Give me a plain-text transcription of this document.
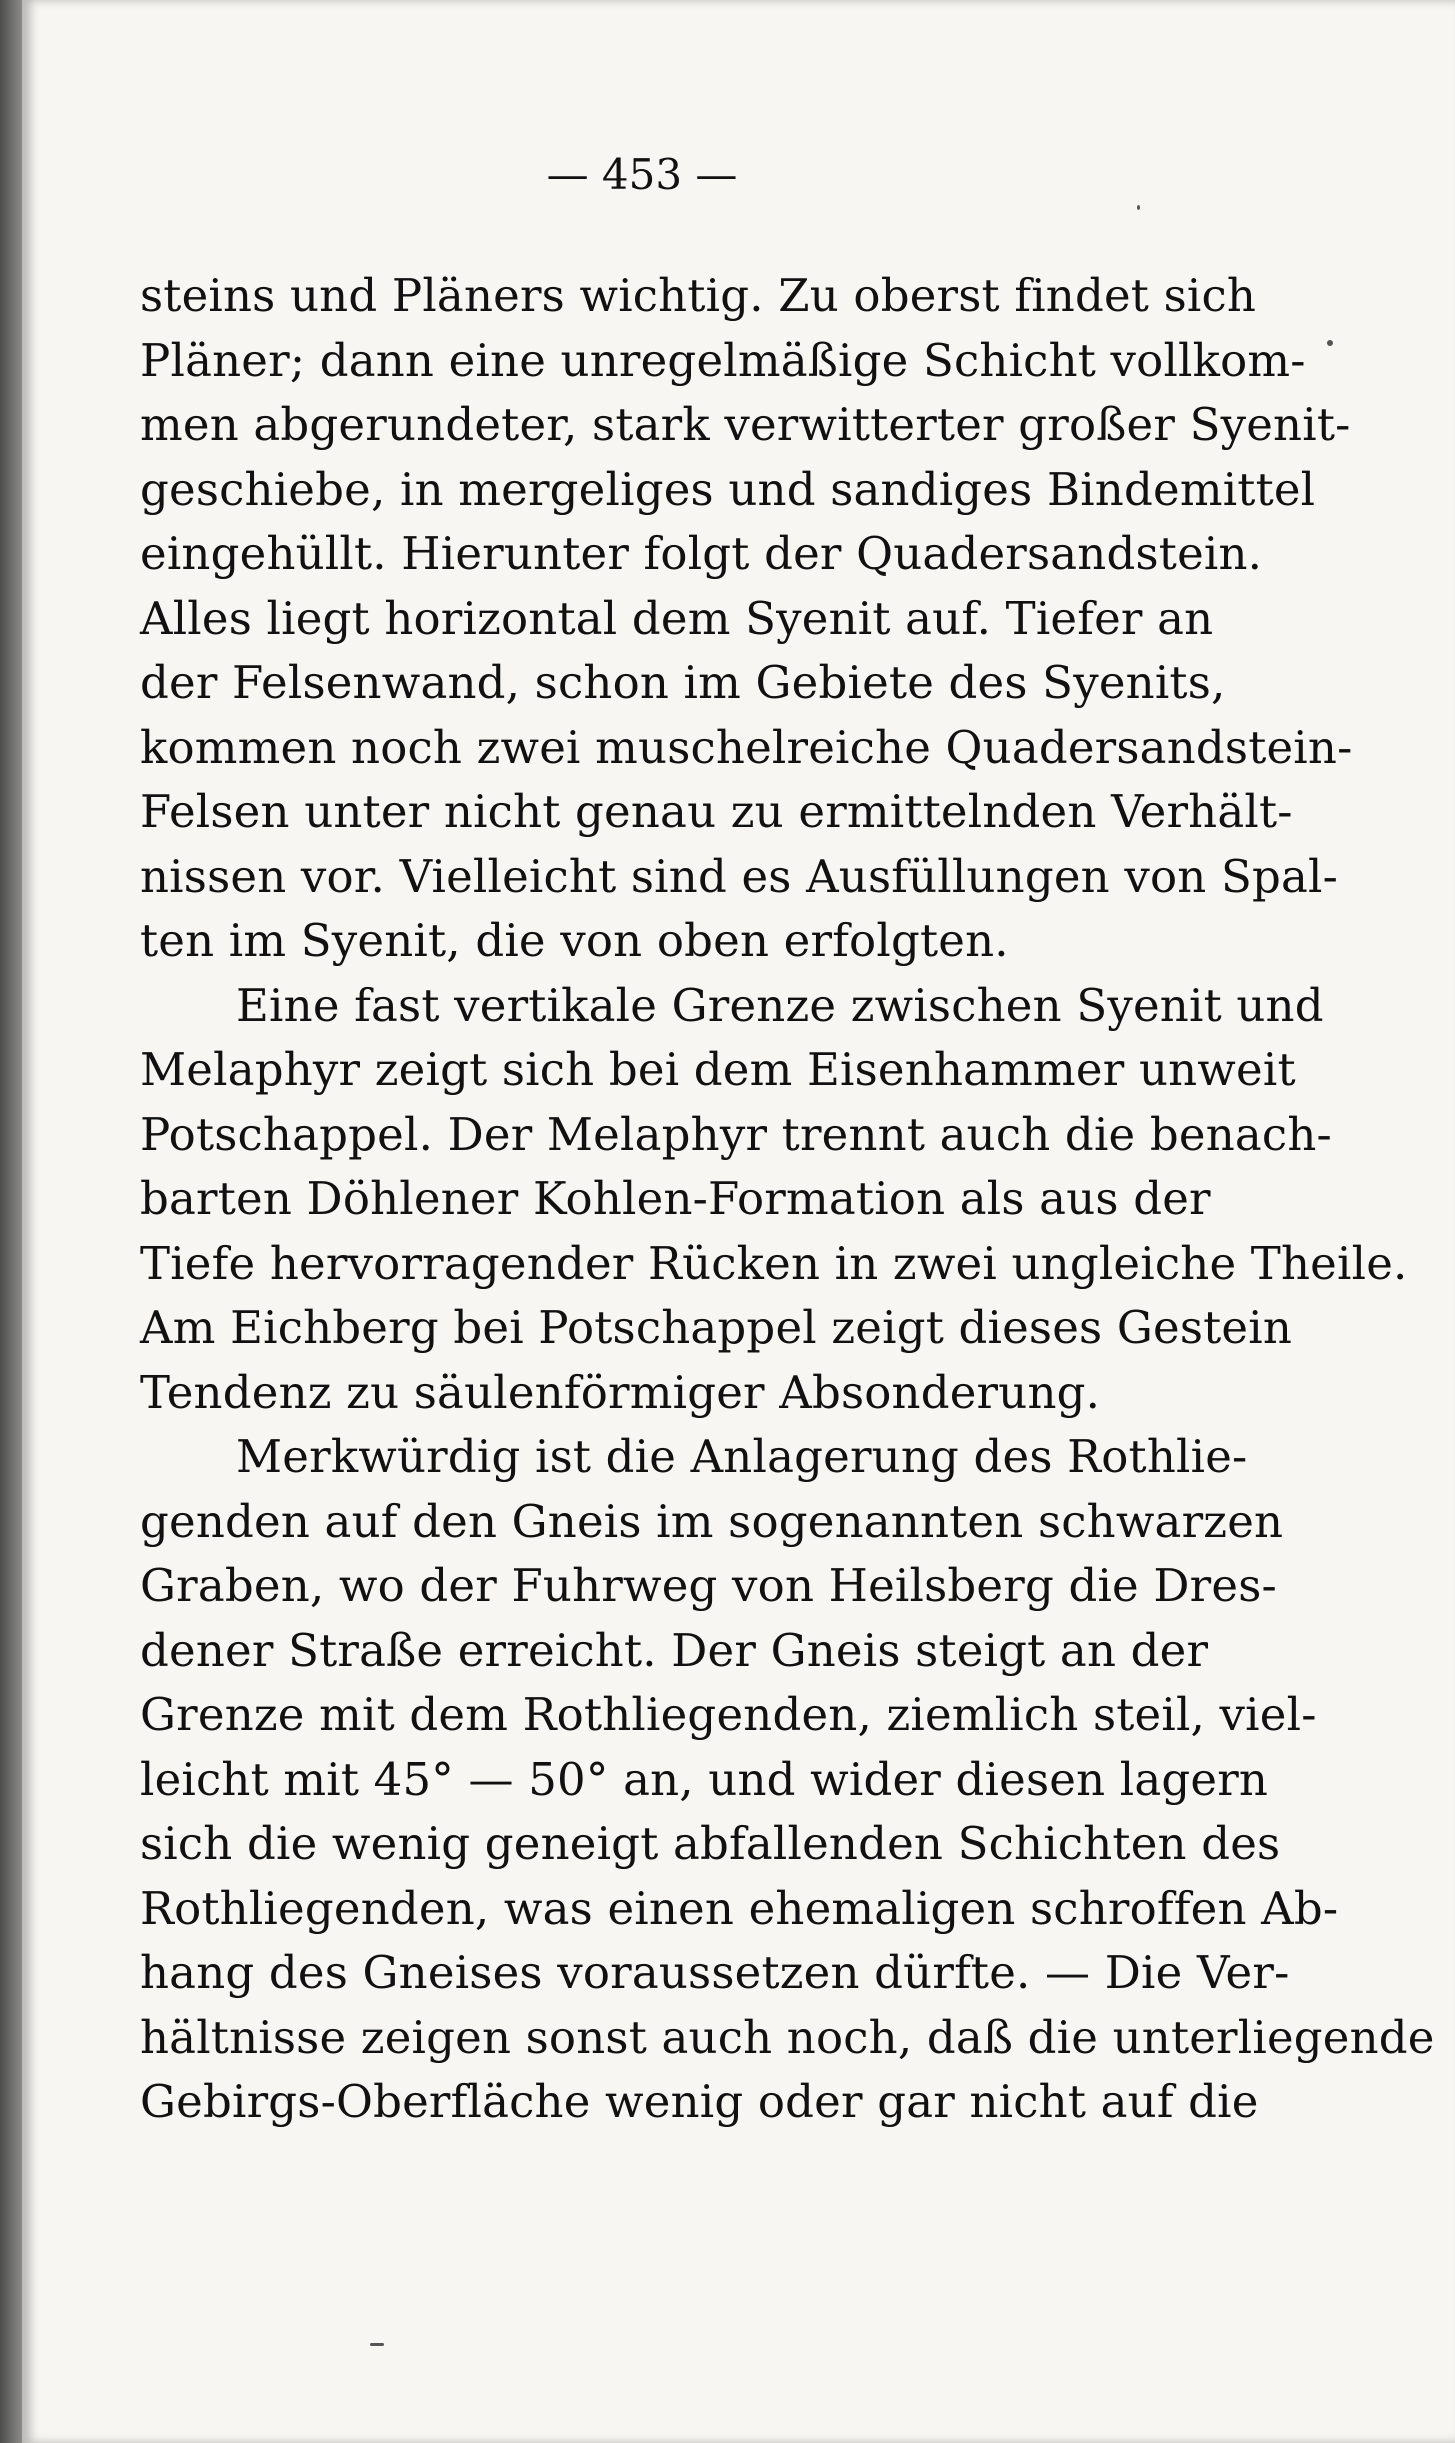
— 453 —
steins und Pläners wichtig. Zu oberst findet sich
Pläner; dann eine unregelmäßige Schicht vollkom-
men abgerundeter, stark verwitterter großer Syenit-
geschiebe, in mergeliges und sandiges Bindemittel
eingehüllt. Hierunter folgt der Quadersandstein.
Alles liegt horizontal dem Syenit auf. Tiefer an
der Felsenwand, schon im Gebiete des Syenits,
kommen noch zwei muschelreiche Quadersandstein-
Felsen unter nicht genau zu ermittelnden Verhält-
nissen vor. Vielleicht sind es Ausfüllungen von Spal-
ten im Syenit, die von oben erfolgten.
Eine fast vertikale Grenze zwischen Syenit und
Melaphyr zeigt sich bei dem Eisenhammer unweit
Potschappel. Der Melaphyr trennt auch die benach-
barten Döhlener Kohlen-Formation als aus der
Tiefe hervorragender Rücken in zwei ungleiche Theile.
Am Eichberg bei Potschappel zeigt dieses Gestein
Tendenz zu säulenförmiger Absonderung.
Merkwürdig ist die Anlagerung des Rothlie-
genden auf den Gneis im sogenannten schwarzen
Graben, wo der Fuhrweg von Heilsberg die Dres-
dener Straße erreicht. Der Gneis steigt an der
Grenze mit dem Rothliegenden, ziemlich steil, viel-
leicht mit 45° — 50° an, und wider diesen lagern
sich die wenig geneigt abfallenden Schichten des
Rothliegenden, was einen ehemaligen schroffen Ab-
hang des Gneises voraussetzen dürfte. — Die Ver-
hältnisse zeigen sonst auch noch, daß die unterliegende
Gebirgs-Oberfläche wenig oder gar nicht auf die
